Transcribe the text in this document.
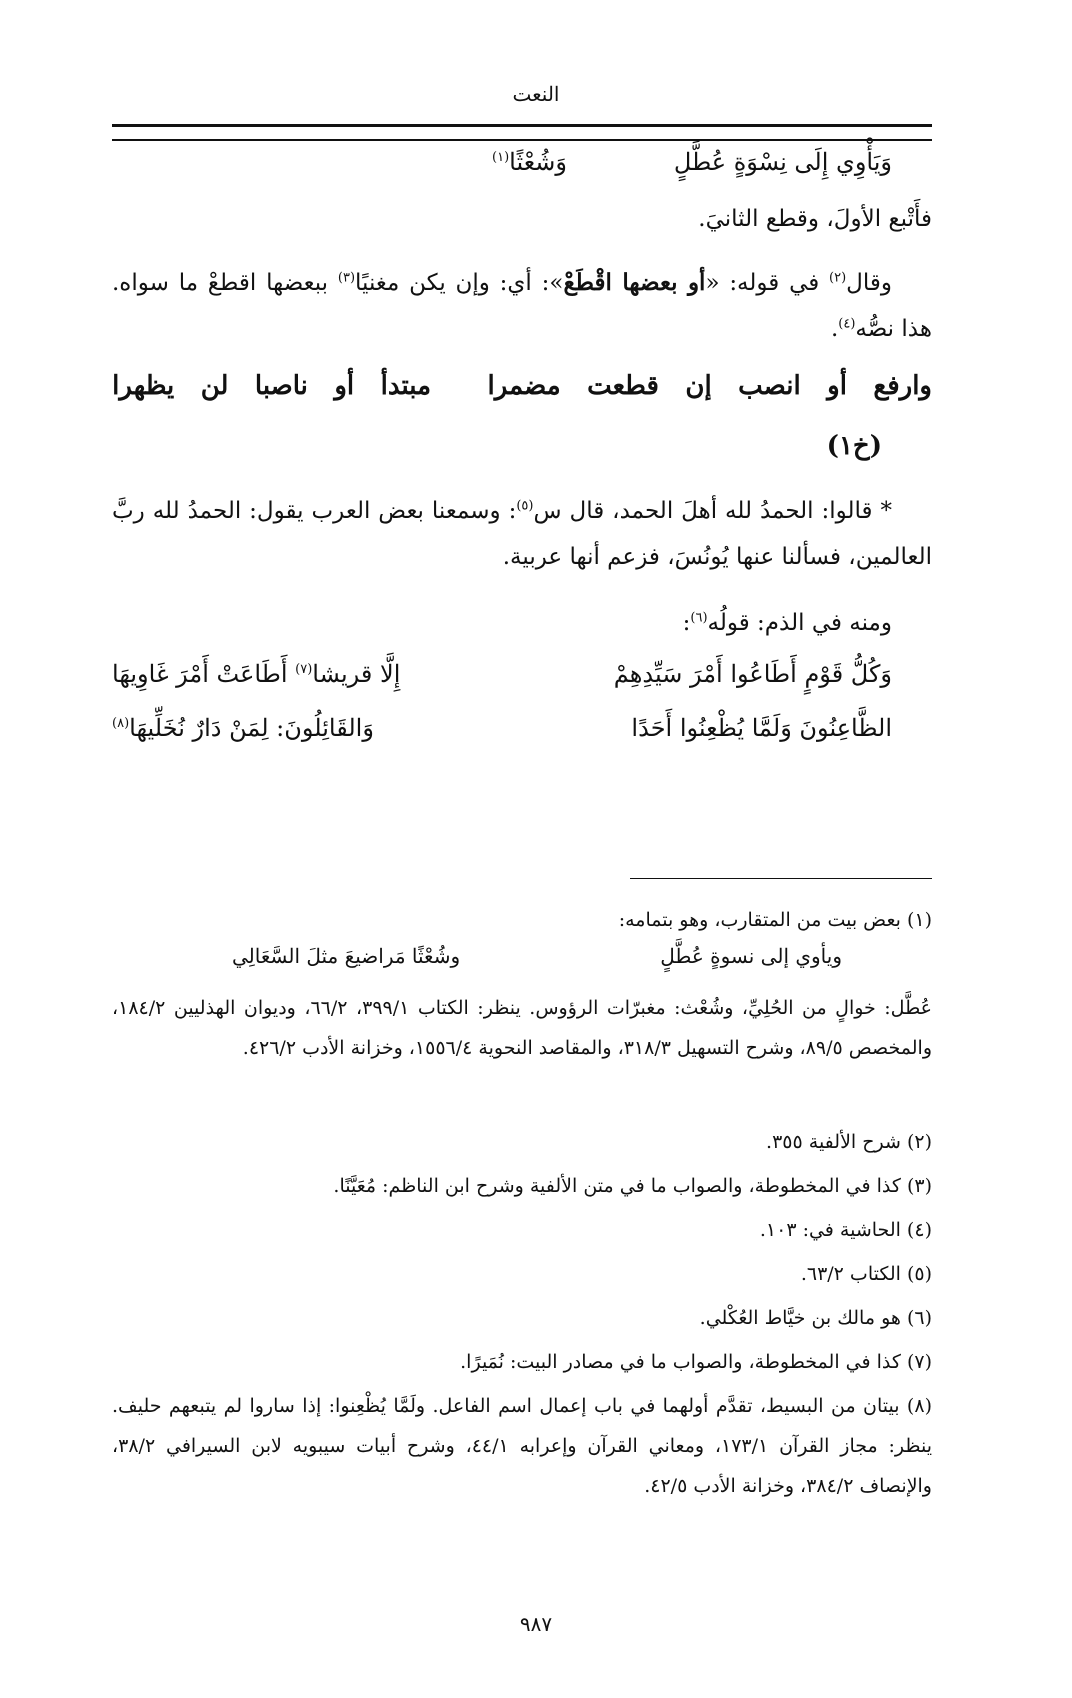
النعت
وَيَأْوِي إِلَى نِسْوَةٍ عُطَّلٍ
وَشُعْثًا$^{(١)}$
فأَتْبع الأولَ، وقطع الثانيَ.
وقال$^{(٢)}$ في قوله: «أو بعضها اقْطَعْ»: أي: وإن يكن مغنيًا$^{(٣)}$ ببعضها اقطعْ ما سواه. هذا نصُّه$^{(٤)}$.
وارفع
أو
انصب
إن
قطعت
مضمرا
مبتدأ
أو
ناصبا
لن
يظهرا
(خ١)
* قالوا: الحمدُ لله أهلَ الحمد، قال س$^{(٥)}$: وسمعنا بعض العرب يقول: الحمدُ لله ربَّ العالمين، فسألنا عنها يُونُسَ، فزعم أنها عربية.
ومنه في الذم: قولُه$^{(٦)}$:
وَكُلُّ قَوْمٍ أَطَاعُوا أَمْرَ سَيِّدِهِمْ
إِلَّا قريشا$^{(٧)}$ أَطَاعَتْ أَمْرَ غَاوِيهَا
الظَّاعِنُونَ وَلَمَّا يُظْعِنُوا أَحَدًا
وَالقَائِلُونَ: لِمَنْ دَارٌ نُخَلِّيهَا$^{(٨)}$
(١) بعض بيت من المتقارب، وهو بتمامه:
ويأوي إلى نسوةٍ عُطَّلٍ
وشُعْثًا مَراضيعَ مثلَ السَّعَالِي
عُطَّل: خوالٍ من الحُلِيِّ، وشُعْث: مغبرّات الرؤوس. ينظر: الكتاب ٣٩٩/١، ٦٦/٢، وديوان الهذليين ١٨٤/٢، والمخصص ٨٩/٥، وشرح التسهيل ٣١٨/٣، والمقاصد النحوية ١٥٥٦/٤، وخزانة الأدب ٤٢٦/٢.
(٢) شرح الألفية ٣٥٥.
(٣) كذا في المخطوطة، والصواب ما في متن الألفية وشرح ابن الناظم: مُعَيَّنًا.
(٤) الحاشية في: ١٠٣.
(٥) الكتاب ٦٣/٢.
(٦) هو مالك بن خيَّاط العُكْلي.
(٧) كذا في المخطوطة، والصواب ما في مصادر البيت: نُمَيرًا.
(٨) بيتان من البسيط، تقدَّم أولهما في باب إعمال اسم الفاعل. ولَمَّا يُظْعِنوا: إذا ساروا لم يتبعهم حليف. ينظر: مجاز القرآن ١٧٣/١، ومعاني القرآن وإعرابه ٤٤/١، وشرح أبيات سيبويه لابن السيرافي ٣٨/٢، والإنصاف ٣٨٤/٢، وخزانة الأدب ٤٢/٥.
٩٨٧
